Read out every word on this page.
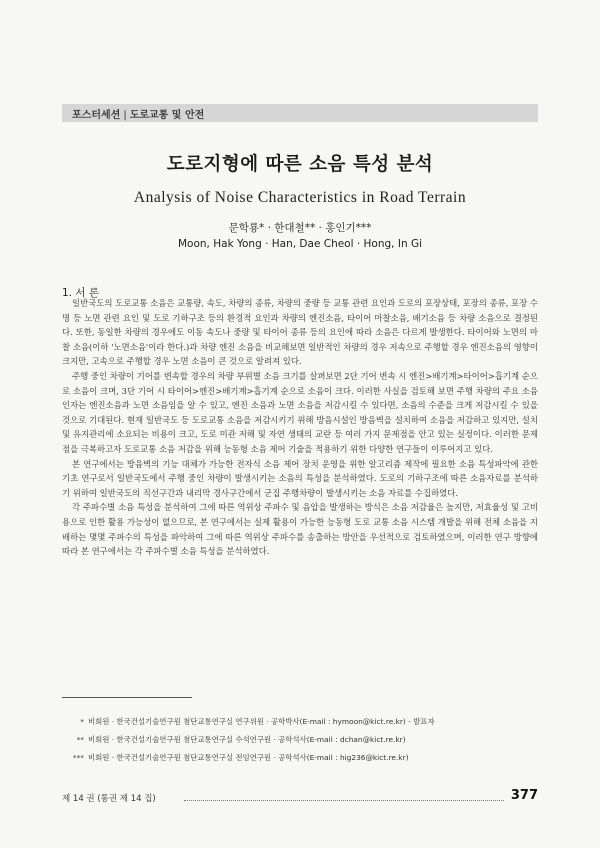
포스터세션 | 도로교통 및 안전
도로지형에 따른 소음 특성 분석
Analysis of Noise Characteristics in Road Terrain
문학룡* · 한대철** · 홍인기***
Moon, Hak Yong · Han, Dae Cheol · Hong, In Gi
1. 서 론

일반국도의 도로교통 소음은 교통량, 속도, 차량의 종류, 차량의 중량 등 교통 관련 요인과 도로의 포장상태, 포장의 종류, 포장 수명 등 노면 관련 요인 및 도로 기하구조 등의 환경적 요인과 차량의 엔진소음, 타이어 마찰소음, 배기소음 등 차량 소음으로 결정된다. 또한, 동일한 차량의 경우에도 이동 속도나 중량 및 타이어 종류 등의 요인에 따라 소음은 다르게 발생한다. 타이어와 노면의 마찰 소음(이하 '노면소음'이라 한다.)과 차량 엔진 소음을 비교해보면 일반적인 차량의 경우 저속으로 주행할 경우 엔진소음의 영향이 크지만, 고속으로 주행할 경우 노면 소음이 큰 것으로 알려져 있다.

주행 중인 차량이 기어를 변속할 경우의 차량 부위별 소음 크기를 살펴보면 2단 기어 변속 시 엔진>배기계>타이어>흡기계 순으로 소음이 크며, 3단 기어 시 타이어>엔진>배기계>흡기계 순으로 소음이 크다. 이러한 사실을 검토해 보면 주행 차량의 주요 소음 인자는 엔진소음과 노면 소음임을 알 수 있고, 엔진 소음과 노면 소음을 저감시킬 수 있다면, 소음의 수준을 크게 저감시킬 수 있을 것으로 기대된다. 현재 일반국도 등 도로교통 소음을 저감시키기 위해 방음시설인 방음벽을 설치하여 소음을 저감하고 있지만, 설치 및 유지관리에 소요되는 비용이 크고, 도로 미관 저해 및 자연 생태의 교란 등 여러 가지 문제점을 안고 있는 실정이다. 이러한 문제점을 극복하고자 도로교통 소음 저감을 위해 능동형 소음 제어 기술을 적용하기 위한 다양한 연구들이 이루어지고 있다.

본 연구에서는 방음벽의 기능 대체가 가능한 전자식 소음 제어 장치 운영을 위한 알고리즘 제작에 필요한 소음 특성파악에 관한 기초 연구로서 일반국도에서 주행 중인 차량이 발생시키는 소음의 특성을 분석하였다. 도로의 기하구조에 따른 소음자료를 분석하기 위하여 일반국도의 직선구간과 내리막 경사구간에서 군집 주행차량이 발생시키는 소음 자료를 수집하였다.

각 주파수별 소음 특성을 분석하여 그에 따른 역위상 주파수 및 음압을 발생하는 방식은 소음 저감율은 높지만, 저효율성 및 고비용으로 인한 활용 가능성이 없으므로, 본 연구에서는 실제 활용이 가능한 능동형 도로 교통 소음 시스템 개발을 위해 전체 소음을 지배하는 몇몇 주파수의 특성을 파악하여 그에 따른 역위상 주파수를 송출하는 방안을 우선적으로 검토하였으며, 이러한 연구 방향에 따라 본 연구에서는 각 주파수별 소음 특성을 분석하였다.

* 비회원 · 한국건설기술연구원 첨단교통연구실 연구위원 · 공학박사(E-mail : hymoon@kict.re.kr) - 발표자
** 비회원 · 한국건설기술연구원 첨단교통연구실 수석연구원 · 공학석사(E-mail : dchan@kict.re.kr)
*** 비회원 · 한국건설기술연구원 첨단교통연구실 전임연구원 · 공학석사(E-mail : hig236@kict.re.kr)
제 14 권 (통권 제 14 집)	377
